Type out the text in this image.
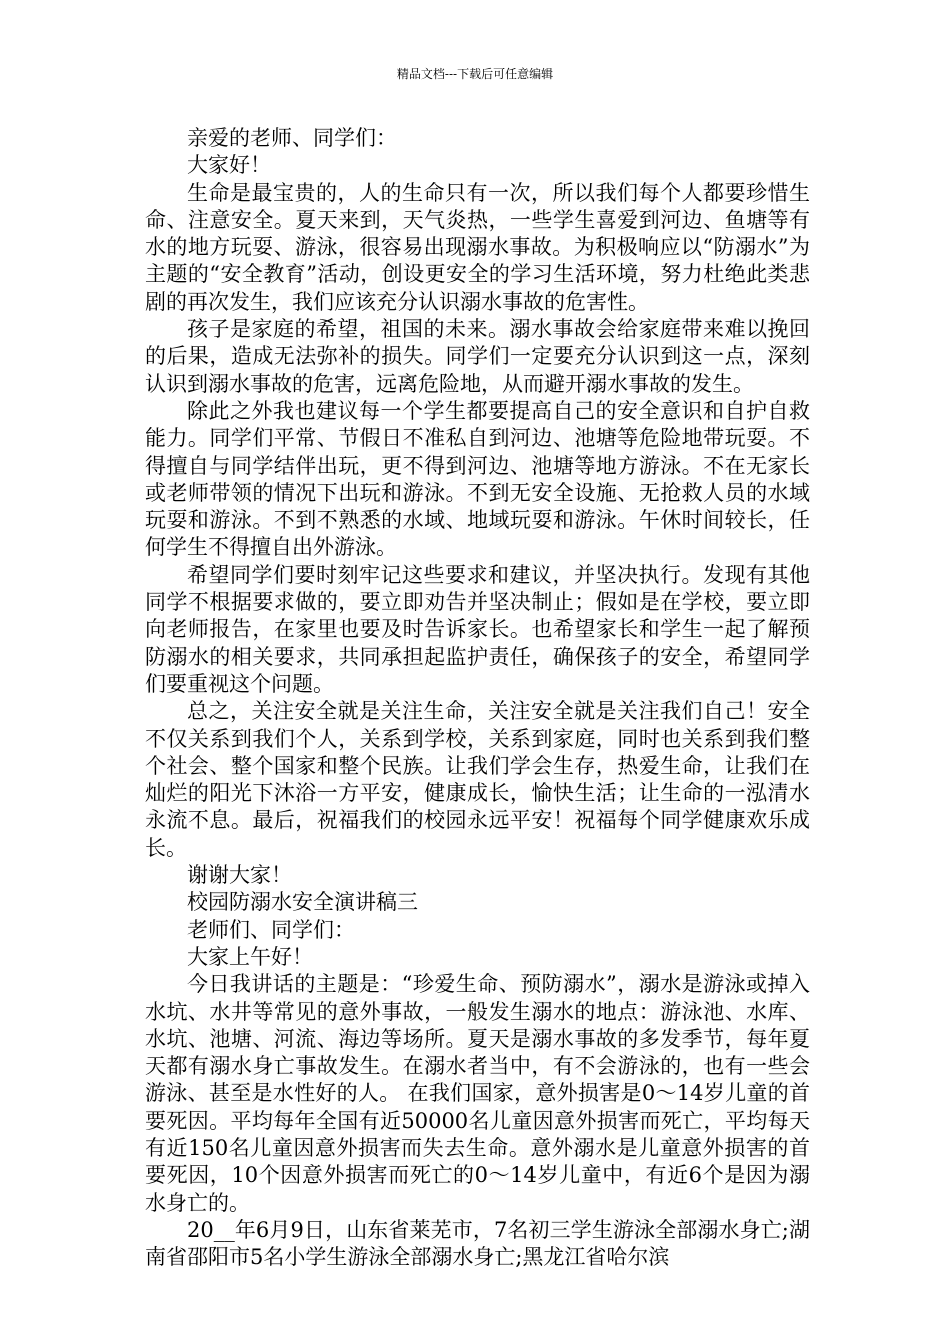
精品文档---下载后可任意编辑

亲爱的老师、同学们：

大家好！

生命是最宝贵的，人的生命只有一次，所以我们每个人都要珍惜生命、注意安全。夏天来到，天气炎热，一些学生喜爱到河边、鱼塘等有水的地方玩耍、游泳，很容易出现溺水事故。为积极响应以“防溺水”为主题的“安全教育”活动，创设更安全的学习生活环境，努力杜绝此类悲剧的再次发生，我们应该充分认识溺水事故的危害性。

孩子是家庭的希望，祖国的未来。溺水事故会给家庭带来难以挽回的后果，造成无法弥补的损失。同学们一定要充分认识到这一点，深刻认识到溺水事故的危害，远离危险地，从而避开溺水事故的发生。

除此之外我也建议每一个学生都要提高自己的安全意识和自护自救能力。同学们平常、节假日不准私自到河边、池塘等危险地带玩耍。不得擅自与同学结伴出玩，更不得到河边、池塘等地方游泳。不在无家长或老师带领的情况下出玩和游泳。不到无安全设施、无抢救人员的水域玩耍和游泳。不到不熟悉的水域、地域玩耍和游泳。午休时间较长，任何学生不得擅自出外游泳。

希望同学们要时刻牢记这些要求和建议，并坚决执行。发现有其他同学不根据要求做的，要立即劝告并坚决制止；假如是在学校，要立即向老师报告，在家里也要及时告诉家长。也希望家长和学生一起了解预防溺水的相关要求，共同承担起监护责任，确保孩子的安全，希望同学们要重视这个问题。

总之，关注安全就是关注生命，关注安全就是关注我们自己！安全不仅关系到我们个人，关系到学校，关系到家庭，同时也关系到我们整个社会、整个国家和整个民族。让我们学会生存，热爱生命，让我们在灿烂的阳光下沐浴一方平安，健康成长，愉快生活；让生命的一泓清水永流不息。最后，祝福我们的校园永远平安！祝福每个同学健康欢乐成长。

谢谢大家！

校园防溺水安全演讲稿三

老师们、同学们：

大家上午好！

今日我讲话的主题是：“珍爱生命、预防溺水”，溺水是游泳或掉入水坑、水井等常见的意外事故，一般发生溺水的地点：游泳池、水库、水坑、池塘、河流、海边等场所。夏天是溺水事故的多发季节，每年夏天都有溺水身亡事故发生。在溺水者当中，有不会游泳的，也有一些会游泳、甚至是水性好的人。 在我们国家，意外损害是0～14岁儿童的首要死因。平均每年全国有近50000名儿童因意外损害而死亡，平均每天有近150名儿童因意外损害而失去生命。意外溺水是儿童意外损害的首要死因，10个因意外损害而死亡的0～14岁儿童中，有近6个是因为溺水身亡的。

20__年6月9日，山东省莱芜市，7名初三学生游泳全部溺水身亡;湖南省邵阳市5名小学生游泳全部溺水身亡;黑龙江省哈尔滨
